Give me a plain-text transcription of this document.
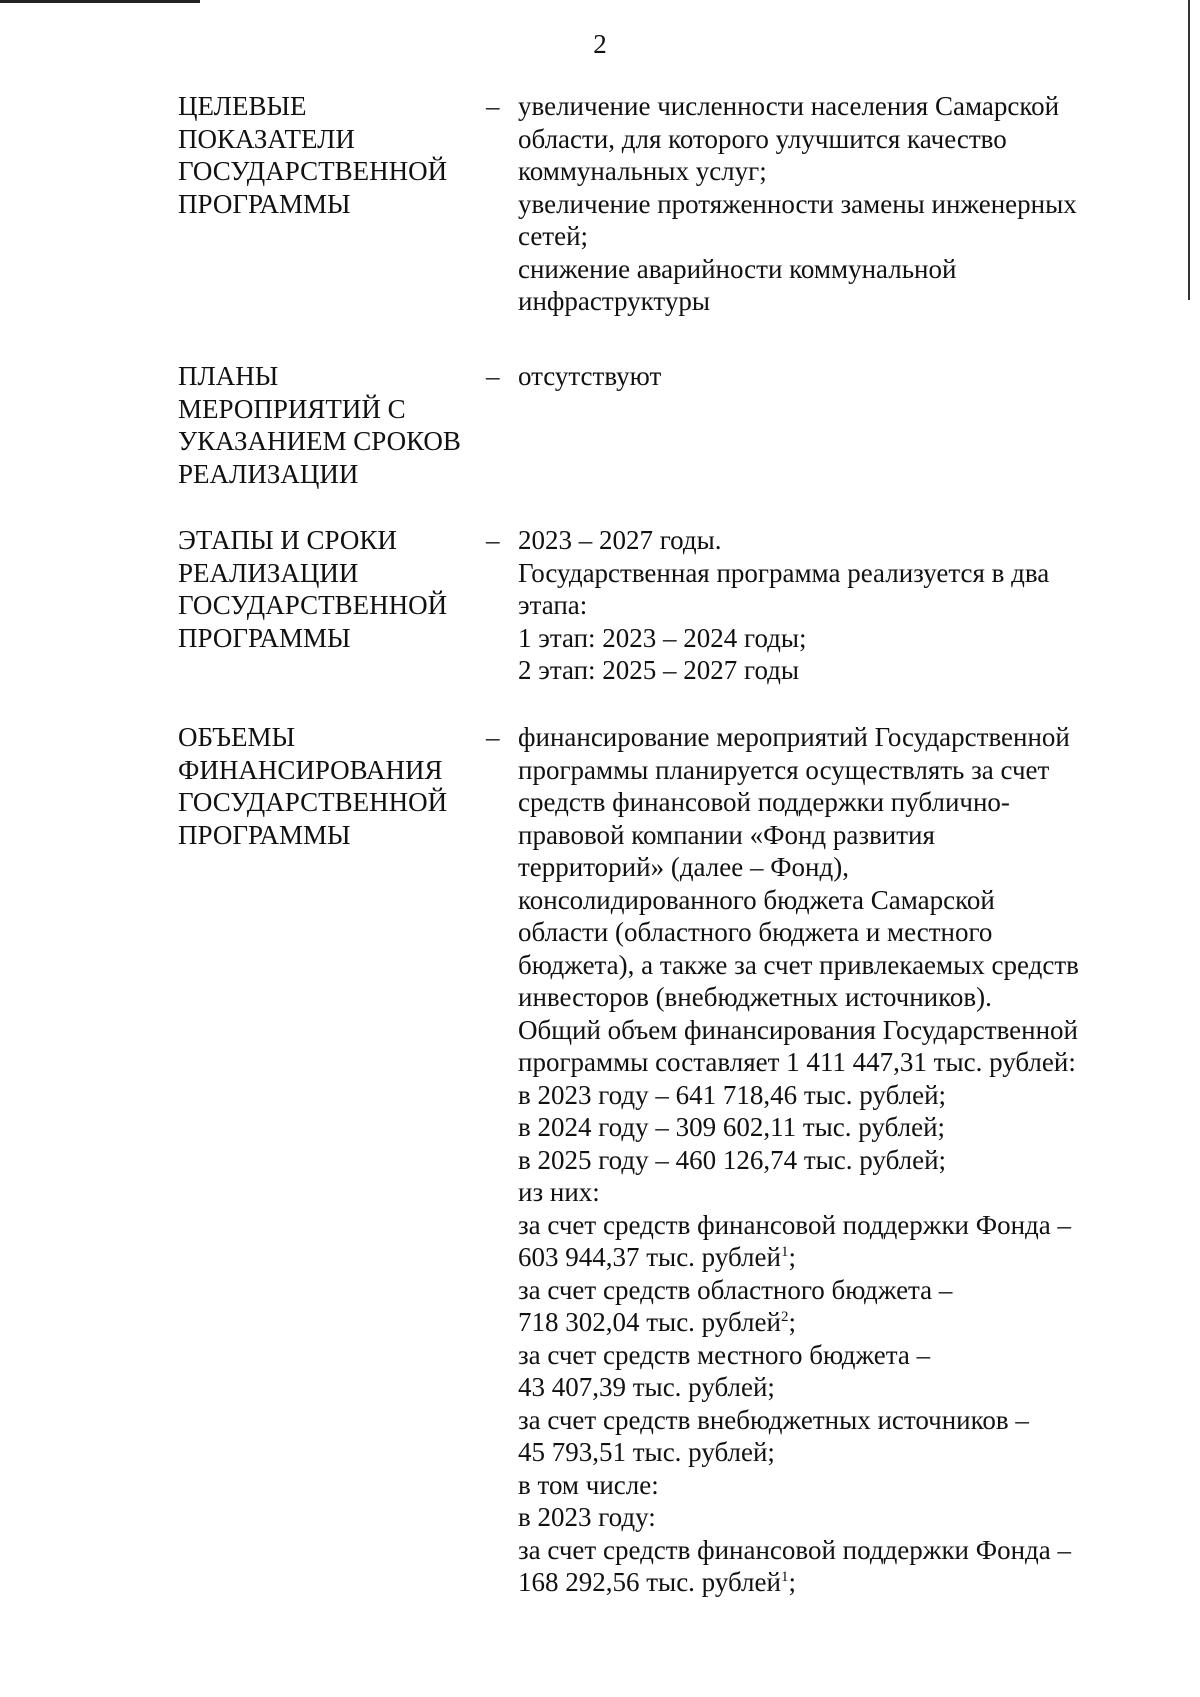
2
ЦЕЛЕВЫЕ
ПОКАЗАТЕЛИ
ГОСУДАРСТВЕННОЙ
ПРОГРАММЫ
– увеличение численности населения Самарской
области, для которого улучшится качество
коммунальных услуг;
увеличение протяженности замены инженерных
сетей;
снижение аварийности коммунальной
инфраструктуры
ПЛАНЫ
МЕРОПРИЯТИЙ С
УКАЗАНИЕМ СРОКОВ
РЕАЛИЗАЦИИ
– отсутствуют
ЭТАПЫ И СРОКИ
РЕАЛИЗАЦИИ
ГОСУДАРСТВЕННОЙ
ПРОГРАММЫ
– 2023 – 2027 годы.
Государственная программа реализуется в два
этапа:
1 этап: 2023 – 2024 годы;
2 этап: 2025 – 2027 годы
ОБЪЕМЫ
ФИНАНСИРОВАНИЯ
ГОСУДАРСТВЕННОЙ
ПРОГРАММЫ
– финансирование мероприятий Государственной
программы планируется осуществлять за счет
средств финансовой поддержки публично-
правовой компании «Фонд развития
территорий» (далее – Фонд),
консолидированного бюджета Самарской
области (областного бюджета и местного
бюджета), а также за счет привлекаемых средств
инвесторов (внебюджетных источников).
Общий объем финансирования Государственной
программы составляет 1 411 447,31 тыс. рублей:
в 2023 году – 641 718,46 тыс. рублей;
в 2024 году – 309 602,11 тыс. рублей;
в 2025 году – 460 126,74 тыс. рублей;
из них:
за счет средств финансовой поддержки Фонда –
603 944,37 тыс. рублей$^1$;
за счет средств областного бюджета –
718 302,04 тыс. рублей$^2$;
за счет средств местного бюджета –
43 407,39 тыс. рублей;
за счет средств внебюджетных источников –
45 793,51 тыс. рублей;
в том числе:
в 2023 году:
за счет средств финансовой поддержки Фонда –
168 292,56 тыс. рублей$^1$;
